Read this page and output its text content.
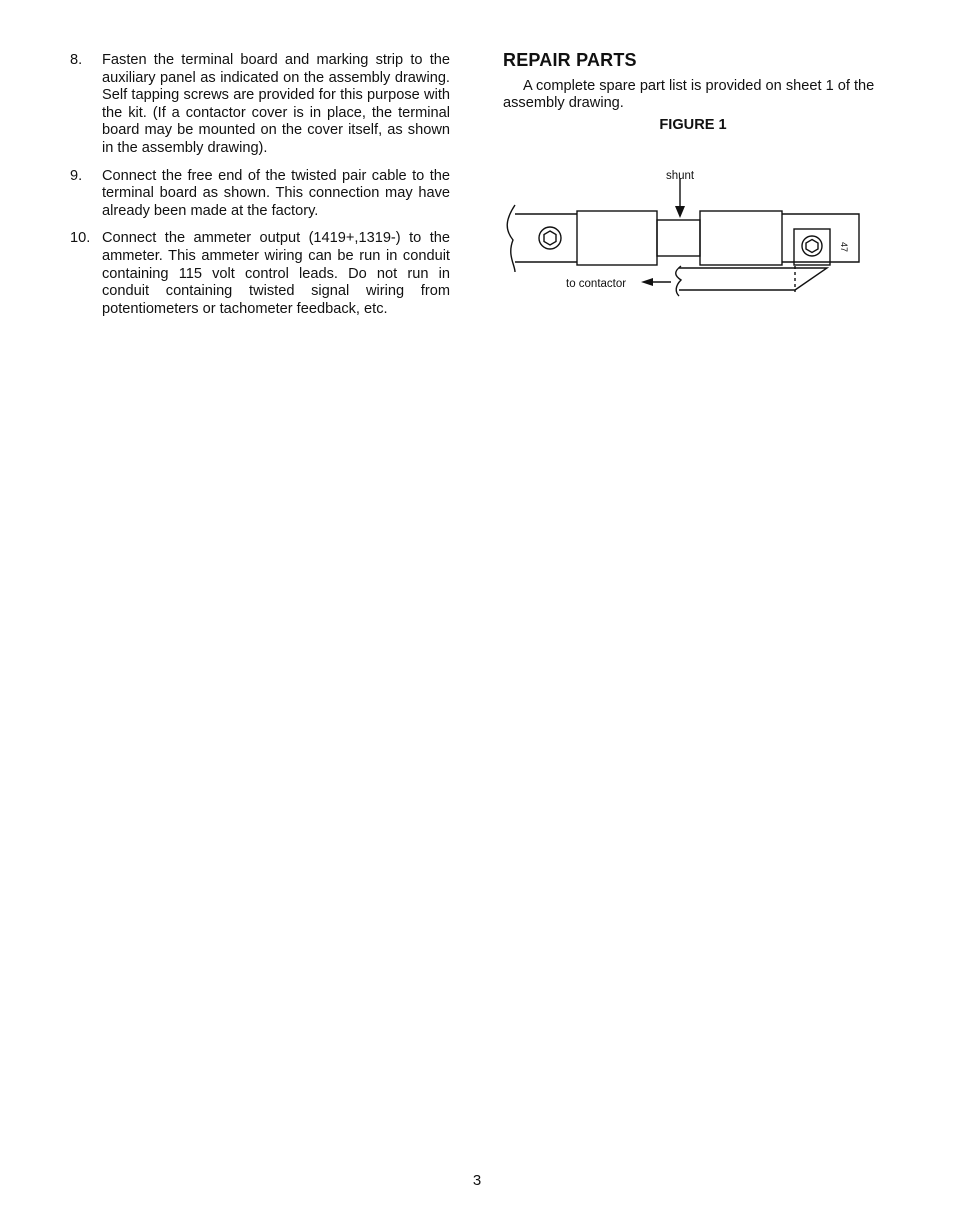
8.	Fasten the terminal board and marking strip to the auxiliary panel as indicated on the assembly drawing. Self tapping screws are provided for this purpose with the kit. (If a contactor cover is in place, the terminal board may be mounted on the cover itself, as shown in the assembly drawing).
9.	Connect the free end of the twisted pair cable to the terminal board as shown. This connection may have already been made at the factory.
10. Connect the ammeter output (1419+,1319-) to the ammeter. This ammeter wiring can be run in conduit containing 115 volt control leads. Do not run in conduit containing twisted signal wiring from potentiometers or tachometer feedback, etc.
REPAIR PARTS

A complete spare part list is provided on sheet 1 of the assembly drawing.

FIGURE 1
shunt
to contactor
47
3
